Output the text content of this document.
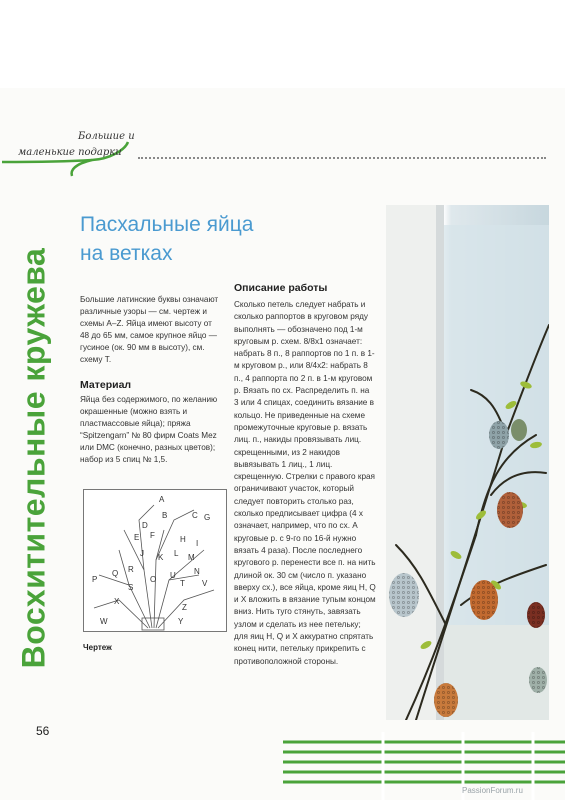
Большие и
маленькие подарки
Восхитительные кружева
56
Пасхальные яйца
на ветках
Большие латинские буквы означают различные узоры — см. чертеж и схемы A–Z. Яйца имеют высоту от 48 до 65 мм, самое крупное яйцо — гусиное (ок. 90 мм в высоту), см. схему T.
Материал
Яйца без содержимого, по желанию окрашенные (можно взять и пластмассовые яйца); пряжа “Spitzengarn” № 80 фирм Coats Mez или DMC (конечно, разных цветов); набор из 5 спиц № 1,5.
A
B	C
D
E F
G
H I
J K L M
N
O
P
Q R
S	T
U
V
W
X
Y
Z
Чертеж
Описание работы
Сколько петель следует набрать и сколько раппортов в круговом ряду выполнять — обозначено под 1-м круговым р. схем. 8/8х1 означает: набрать 8 п., 8 раппортов по 1 п. в 1-м круговом р., или 8/4х2: набрать 8 п., 4 раппорта по 2 п. в 1-м круговом р. Вязать по сх. Распределить п. на 3 или 4 спицах, соединить вязание в кольцо. Не приведенные на схеме промежуточные круговые р. вязать лиц. п., накиды провязывать лиц. скрещенными, из 2 накидов вывязывать 1 лиц., 1 лиц. скрещенную. Стрелки с правого края ограничивают участок, который следует повторить столько раз, сколько предписывает цифра (4 х означает, например, что по сх. А круговые р. с 9-го по 16-й нужно вязать 4 раза). После последнего кругового р. перенести все п. на нить длиной ок. 30 см (число п. указано вверху сх.), все яйца, кроме яиц H, Q и X вложить в вязание тупым концом вниз. Нить туго стянуть, завязать узлом и сделать из нее петельку; для яиц H, Q и X аккуратно спрятать конец нити, петельку прикрепить с противоположной стороны.
PassionForum.ru
